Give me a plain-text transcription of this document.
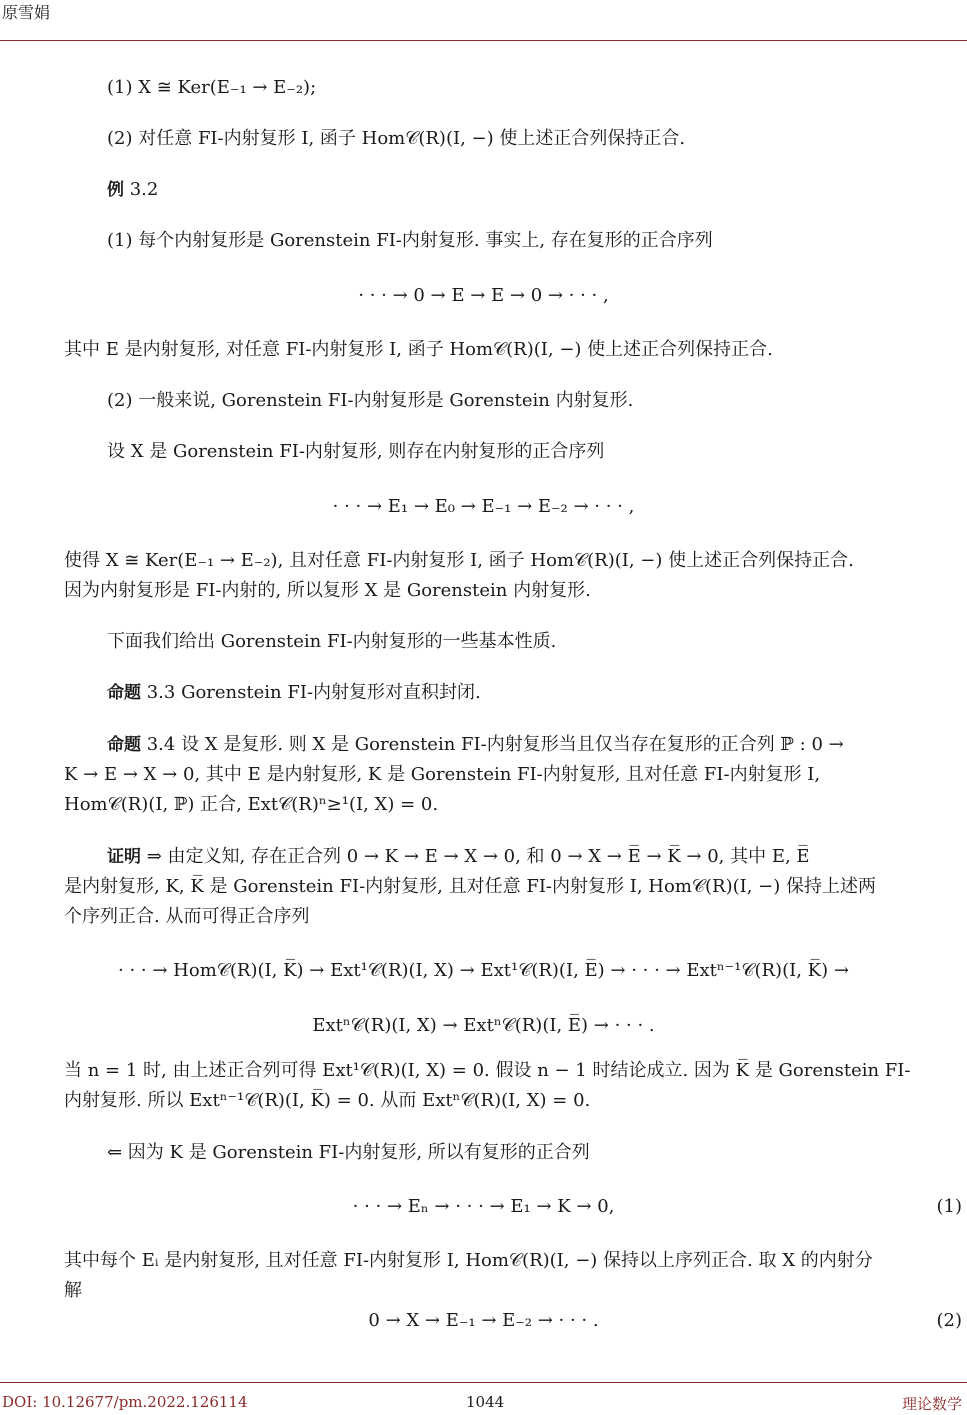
原雪娟
(1) X ≅ Ker(E₋₁ → E₋₂);
(2) 对任意 FI-内射复形 I, 函子 Hom𝒞(R)(I, −) 使上述正合列保持正合.
例 3.2
(1) 每个内射复形是 Gorenstein FI-内射复形. 事实上, 存在复形的正合序列
· · · → 0 → E → E → 0 → · · · ,
其中 E 是内射复形, 对任意 FI-内射复形 I, 函子 Hom𝒞(R)(I, −) 使上述正合列保持正合.
(2) 一般来说, Gorenstein FI-内射复形是 Gorenstein 内射复形.
设 X 是 Gorenstein FI-内射复形, 则存在内射复形的正合序列
· · · → E₁ → E₀ → E₋₁ → E₋₂ → · · · ,
使得 X ≅ Ker(E₋₁ → E₋₂), 且对任意 FI-内射复形 I, 函子 Hom𝒞(R)(I, −) 使上述正合列保持正合.
因为内射复形是 FI-内射的, 所以复形 X 是 Gorenstein 内射复形.
下面我们给出 Gorenstein FI-内射复形的一些基本性质.
命题 3.3 Gorenstein FI-内射复形对直积封闭.
命题 3.4 设 X 是复形. 则 X 是 Gorenstein FI-内射复形当且仅当存在复形的正合列 ℙ : 0 →
K → E → X → 0, 其中 E 是内射复形, K 是 Gorenstein FI-内射复形, 且对任意 FI-内射复形 I,
Hom𝒞(R)(I, ℙ) 正合, Ext𝒞(R)ⁿ≥¹(I, X) = 0.
证明 ⇒ 由定义知, 存在正合列 0 → K → E → X → 0, 和 0 → X → E̅ → K̅ → 0, 其中 E, E̅
是内射复形, K, K̅ 是 Gorenstein FI-内射复形, 且对任意 FI-内射复形 I, Hom𝒞(R)(I, −) 保持上述两
个序列正合. 从而可得正合序列
· · · → Hom𝒞(R)(I, K̅) → Ext¹𝒞(R)(I, X) → Ext¹𝒞(R)(I, E̅) → · · · → Extⁿ⁻¹𝒞(R)(I, K̅) →
Extⁿ𝒞(R)(I, X) → Extⁿ𝒞(R)(I, E̅) → · · · .
当 n = 1 时, 由上述正合列可得 Ext¹𝒞(R)(I, X) = 0. 假设 n − 1 时结论成立. 因为 K̅ 是 Gorenstein FI-
内射复形. 所以 Extⁿ⁻¹𝒞(R)(I, K̅) = 0. 从而 Extⁿ𝒞(R)(I, X) = 0.
⇐ 因为 K 是 Gorenstein FI-内射复形, 所以有复形的正合列
· · · → Eₙ → · · · → E₁ → K → 0,	(1)
其中每个 Eᵢ 是内射复形, 且对任意 FI-内射复形 I, Hom𝒞(R)(I, −) 保持以上序列正合. 取 X 的内射分
解
0 → X → E₋₁ → E₋₂ → · · · .	(2)
DOI: 10.12677/pm.2022.126114	1044	理论数学
